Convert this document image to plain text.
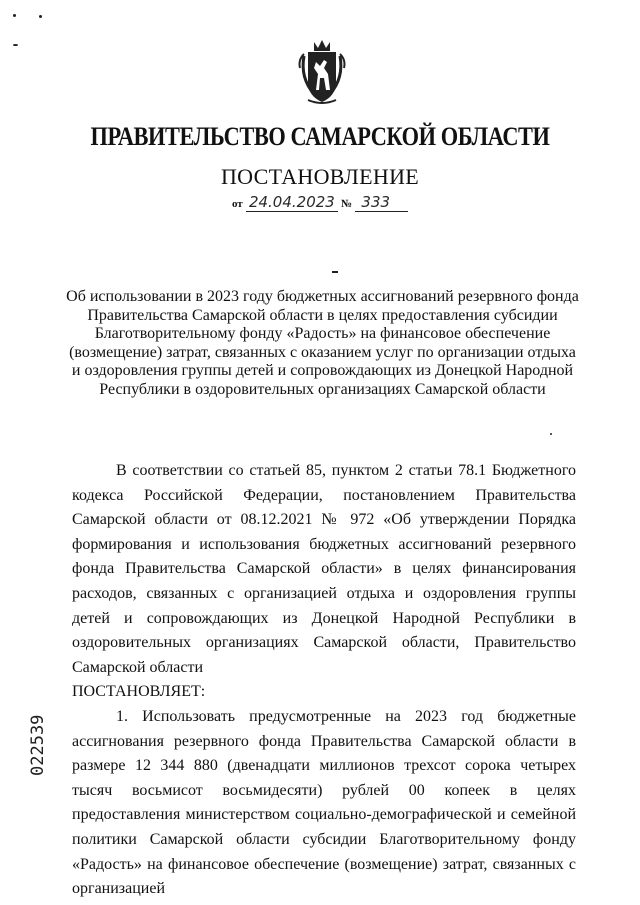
ПРАВИТЕЛЬСТВО САМАРСКОЙ ОБЛАСТИ
ПОСТАНОВЛЕНИЕ
от 24.04.2023 № 333
Об использовании в 2023 году бюджетных ассигнований резервного фонда
Правительства Самарской области в целях предоставления субсидии
Благотворительному фонду «Радость» на финансовое обеспечение
(возмещение) затрат, связанных с оказанием услуг по организации отдыха
и оздоровления группы детей и сопровождающих из Донецкой Народной
Республики в оздоровительных организациях Самарской области

В соответствии со статьей 85, пунктом 2 статьи 78.1 Бюджетного кодекса Российской Федерации, постановлением Правительства Самарской области от 08.12.2021 № 972 «Об утверждении Порядка формирования и использования бюджетных ассигнований резервного фонда Правительства Самарской области» в целях финансирования расходов, связанных с организацией отдыха и оздоровления группы детей и сопровождающих из Донецкой Народной Республики в оздоровительных организациях Самарской области, Правительство Самарской области

ПОСТАНОВЛЯЕТ:

1. Использовать предусмотренные на 2023 год бюджетные ассигнования резервного фонда Правительства Самарской области в размере 12 344 880 (двенадцати миллионов трехсот сорока четырех тысяч восьмисот восьмидесяти) рублей 00 копеек в целях предоставления министерством социально-демографической и семейной политики Самарской области субсидии Благотворительному фонду «Радость» на финансовое обеспечение (возмещение) затрат, связанных с организацией

022539
